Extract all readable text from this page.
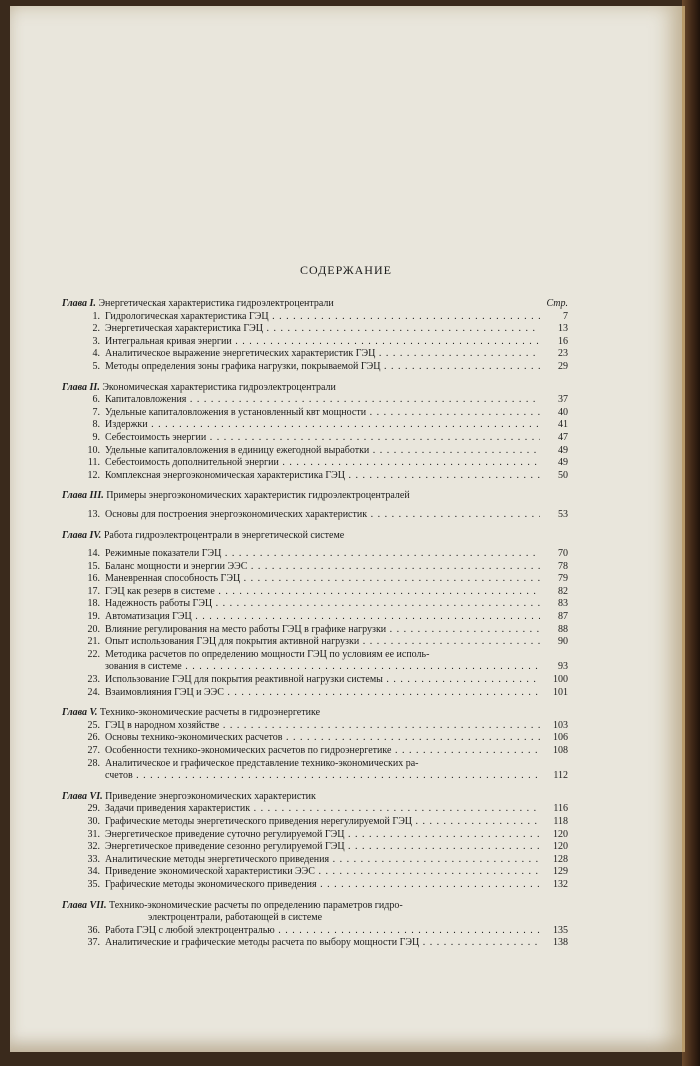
СОДЕРЖАНИЕ
Глава I. Энергетическая характеристика гидроэлектроцентрали	Стр.
1. Гидрологическая характеристика ГЭЦ . . .	7
2. Энергетическая характеристика ГЭЦ . . .	13
3. Интегральная кривая энергии . . .	16
4. Аналитическое выражение энергетических характеристик ГЭЦ . . .	23
5. Методы определения зоны графика нагрузки, покрываемой ГЭЦ . . .	29
Глава II. Экономическая характеристика гидроэлектроцентрали
6. Капиталовложения . . .	37
7. Удельные капиталовложения в установленный квт мощности . . .	40
8. Издержки . . .	41
9. Себестоимость энергии . . .	47
10. Удельные капиталовложения в единицу ежегодной выработки . . .	49
11. Себестоимость дополнительной энергии . . .	49
12. Комплексная энергоэкономическая характеристика ГЭЦ . . .	50
Глава III. Примеры энергоэкономических характеристик гидроэлектроцентралей
13. Основы для построения энергоэкономических характеристик . . .	53
Глава IV. Работа гидроэлектроцентрали в энергетической системе
14. Режимные показатели ГЭЦ . . .	70
15. Баланс мощности и энергии ЭЭС . . .	78
16. Маневренная способность ГЭЦ . . .	79
17. ГЭЦ как резерв в системе . . .	82
18. Надежность работы ГЭЦ . . .	83
19. Автоматизация ГЭЦ . . .	87
20. Влияние регулирования на место работы ГЭЦ в графике нагрузки . . .	88
21. Опыт использования ГЭЦ для покрытия активной нагрузки . . .	90
22. Методика расчетов по определению мощности ГЭЦ по условиям ее исполь-
зования в системе . . .	93
23. Использование ГЭЦ для покрытия реактивной нагрузки системы . . .	100
24. Взаимовлияния ГЭЦ и ЭЭС . . .	101
Глава V. Технико-экономические расчеты в гидроэнергетике
25. ГЭЦ в народном хозяйстве . . .	103
26. Основы технико-экономических расчетов . . .	106
27. Особенности технико-экономических расчетов по гидроэнергетике . . .	108
28. Аналитическое и графическое представление технико-экономических ра-
счетов . . .	112
Глава VI. Приведение энергоэкономических характеристик
29. Задачи приведения характеристик . . .	116
30. Графические методы энергетического приведения нерегулируемой ГЭЦ . . .	118
31. Энергетическое приведение суточно регулируемой ГЭЦ . . .	120
32. Энергетическое приведение сезонно регулируемой ГЭЦ . . .	120
33. Аналитические методы энергетического приведения . . .	128
34. Приведение экономической характеристики ЭЭС . . .	129
35. Графические методы экономического приведения . . .	132
Глава VII. Технико-экономические расчеты по определению параметров гидро-
электроцентрали, работающей в системе
36. Работа ГЭЦ с любой электроцентралью . . .	135
37. Аналитические и графические методы расчета по выбору мощности ГЭЦ . . .	138
